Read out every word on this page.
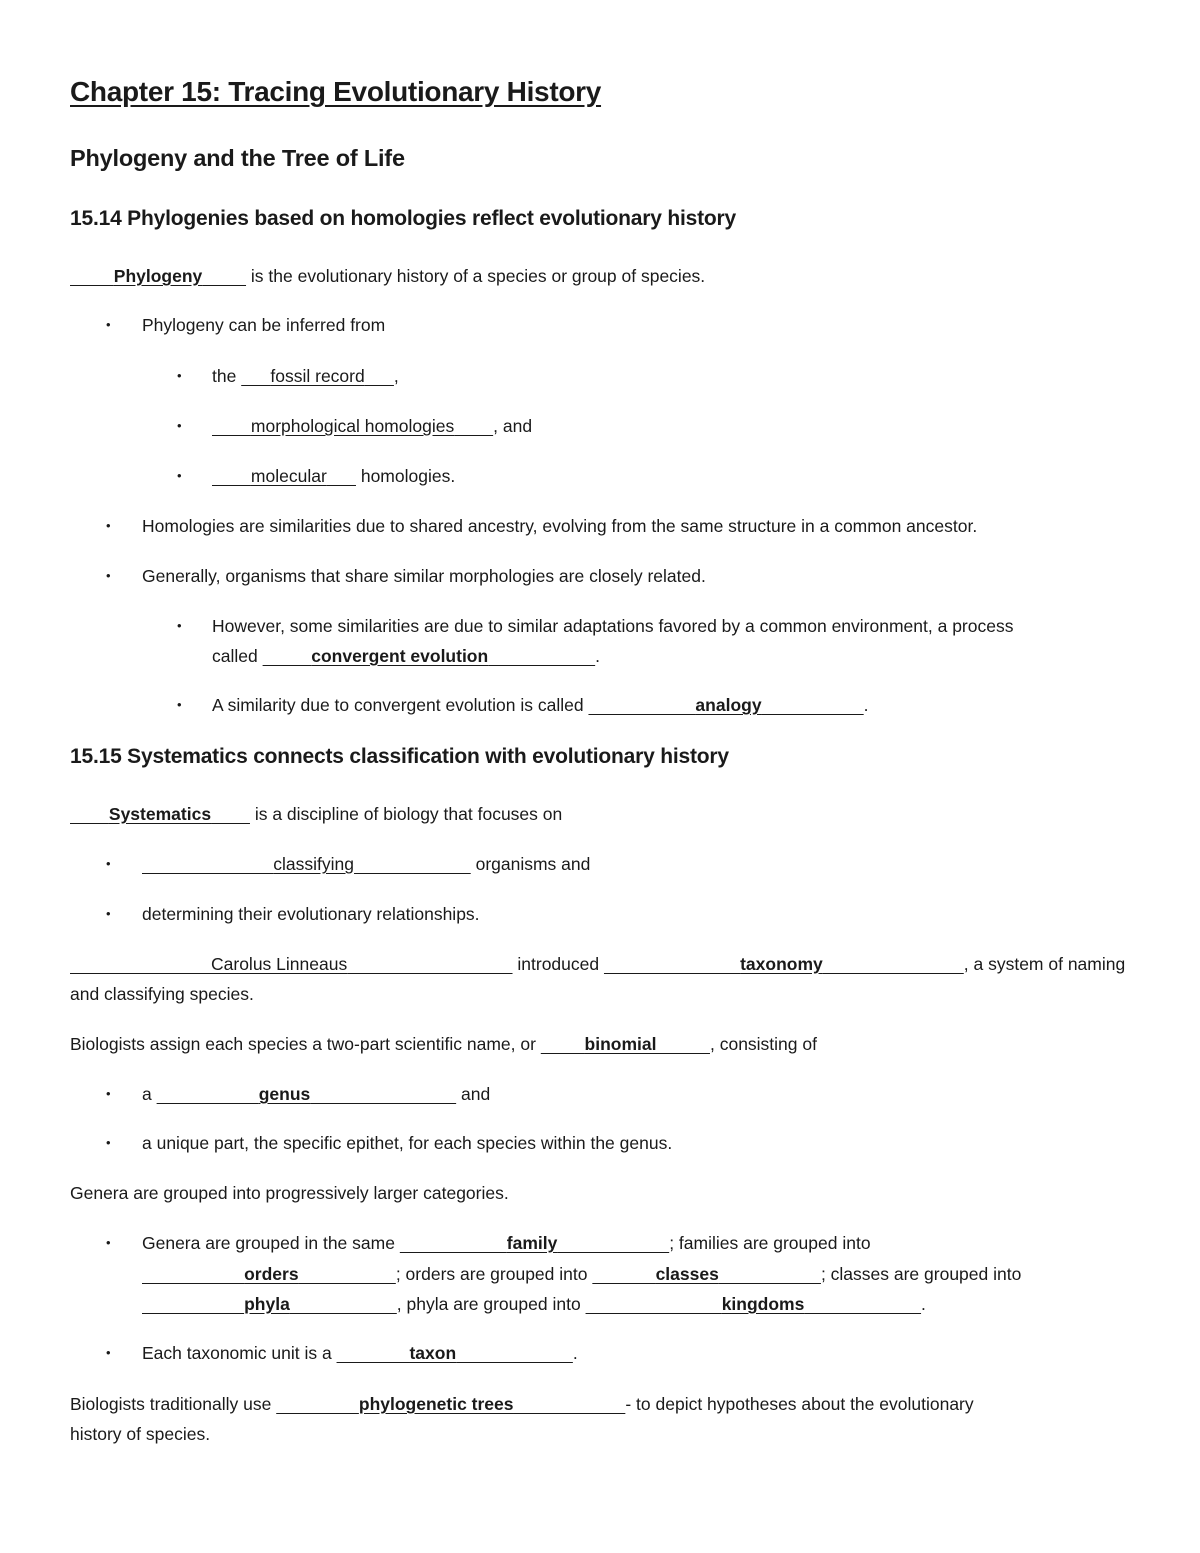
Chapter 15: Tracing Evolutionary History
Phylogeny and the Tree of Life
15.14 Phylogenies based on homologies reflect evolutionary history
Phylogeny	is the evolutionary history of a species or group of species.
• Phylogeny can be inferred from
• the       fossil record ,
•	morphological homologies , and
•	molecular       homologies.
• Homologies are similarities due to shared ancestry, evolving from the same structure in a common ancestor.
• Generally, organisms that share similar morphologies are closely related.
• However, some similarities are due to similar adaptations favored by a common environment, a process
called	convergent evolution	.
• A similarity due to convergent evolution is called	analogy	.
15.15 Systematics connects classification with evolutionary history
Systematics         is a discipline of biology that focuses on
•	classifying	organisms and
• determining their evolutionary relationships.
Carolus Linneaus	introduced	taxonomy	, a system of naming
and classifying species.
Biologists assign each species a two-part scientific name, or	binomial	, consisting of
• a	genus	and
• a unique part, the specific epithet, for each species within the genus.
Genera are grouped into progressively larger categories.
• Genera are grouped in the same	family	; families are grouped into
orders	; orders are grouped into	classes	; classes are grouped into
phyla	, phyla are grouped into	kingdoms	.
• Each taxonomic unit is a	taxon	.
Biologists traditionally use	phylogenetic trees	- to depict hypotheses about the evolutionary
history of species.
